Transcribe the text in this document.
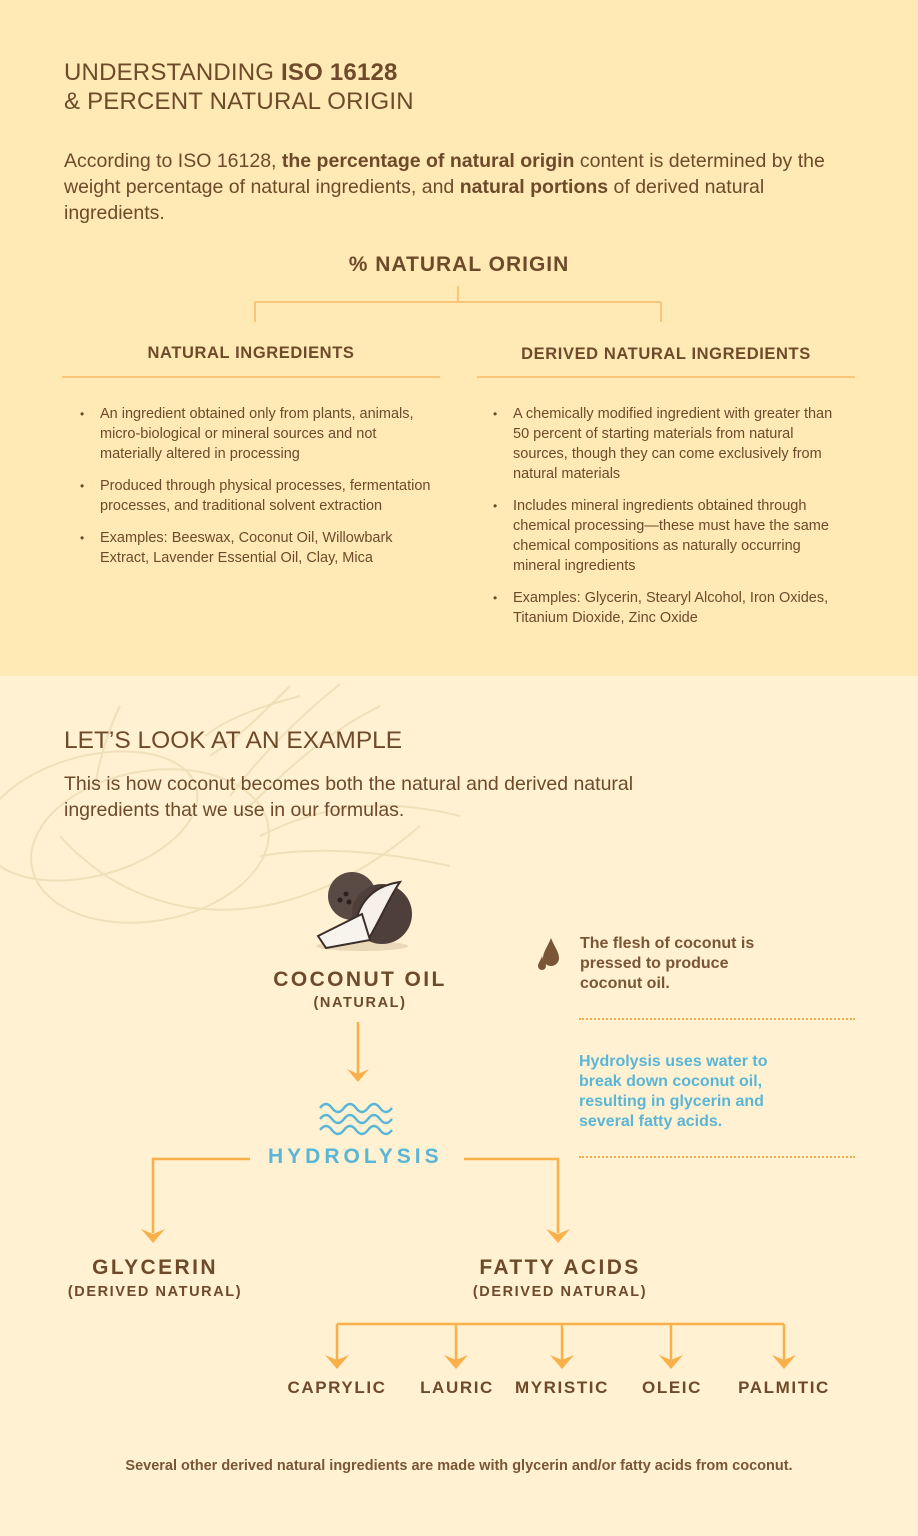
UNDERSTANDING ISO 16128
& PERCENT NATURAL ORIGIN
According to ISO 16128, the percentage of natural origin content is determined by the weight percentage of natural ingredients, and natural portions of derived natural ingredients.
% NATURAL ORIGIN
NATURAL INGREDIENTS	DERIVED NATURAL INGREDIENTS
• An ingredient obtained only from plants, animals, micro-biological or mineral sources and not materially altered in processing
• Produced through physical processes, fermentation processes, and traditional solvent extraction
• Examples: Beeswax, Coconut Oil, Willowbark Extract, Lavender Essential Oil, Clay, Mica
• A chemically modified ingredient with greater than 50 percent of starting materials from natural sources, though they can come exclusively from natural materials
• Includes mineral ingredients obtained through chemical processing—these must have the same chemical compositions as naturally occurring mineral ingredients
• Examples: Glycerin, Stearyl Alcohol, Iron Oxides, Titanium Dioxide, Zinc Oxide
LET’S LOOK AT AN EXAMPLE
This is how coconut becomes both the natural and derived natural ingredients that we use in our formulas.
COCONUT OIL
(NATURAL)
HYDROLYSIS
The flesh of coconut is pressed to produce coconut oil.
Hydrolysis uses water to break down coconut oil, resulting in glycerin and several fatty acids.
GLYCERIN
(DERIVED NATURAL)
FATTY ACIDS
(DERIVED NATURAL)
CAPRYLIC	LAURIC	MYRISTIC	OLEIC	PALMITIC
Several other derived natural ingredients are made with glycerin and/or fatty acids from coconut.
